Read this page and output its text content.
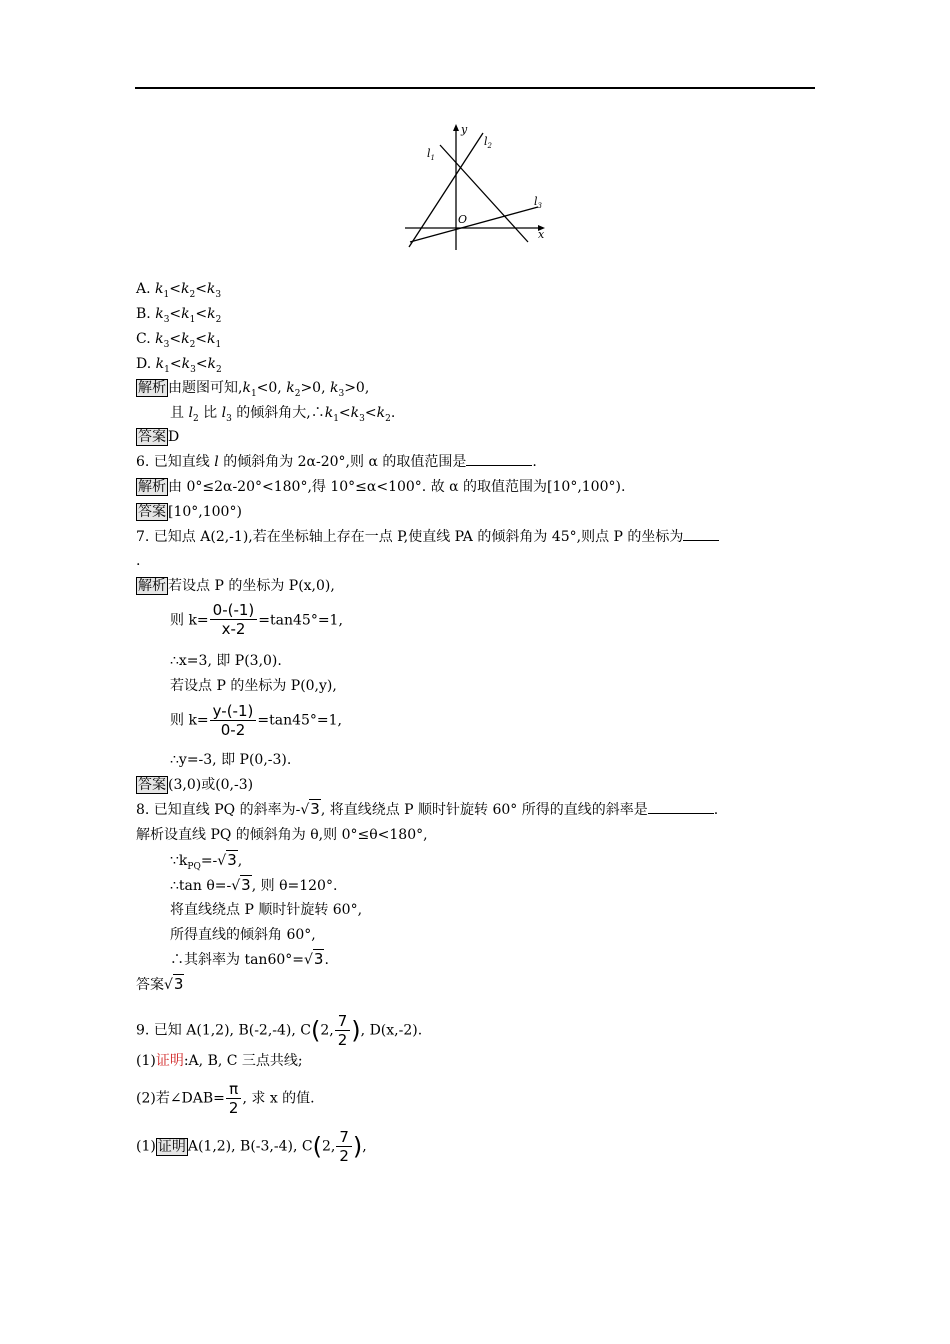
y
x
O
$l_1$
$l_2$
$l_3$
A. $k_1<k_2<k_3$
B. $k_3<k_1<k_2$
C. $k_3<k_2<k_1$
D. $k_1<k_3<k_2$
解析 由题图可知$,k_1<0$, $k_2>0$, $k_3>0$,
且 $l_2$ 比 $l_3$ 的倾斜角大$,\therefore k_1<k_3<k_2$.
答案 D
6. 已知直线 l 的倾斜角为 2α-20°,则 α 的取值范围是	.
解析 由 0°≤2α-20°<180°,得 10°≤α<100°. 故 α 的取值范围为[10°,100°).
答案 [10°,100°)
7. 已知点 A(2,-1),若在坐标轴上存在一点 P,使直线 PA 的倾斜角为 45°,则点 P 的坐标为
.
解析 若设点 P 的坐标为 P(x,0),
则 $k= \frac{0-(-1)}{x-2} =\tan 45^\circ=1$,
∴x=3, 即 P(3,0).
若设点 P 的坐标为 P(0,y),
则 $k= \frac{y-(-1)}{0-2} =\tan 45^\circ=1$,
∴y=-3, 即 P(0,-3).
答案 (3,0)或(0,-3)
8. 已知直线 PQ 的斜率为-√3, 将直线绕点 P 顺时针旋转 60° 所得的直线的斜率是	.
解析设直线 PQ 的倾斜角为 θ,则 0°≤θ<180°,
$\because k_{PQ}=-√3$,
∴tan θ=-√3, 则 θ=120°.
将直线绕点 P 顺时针旋转 60°,
所得直线的倾斜角 60°,
∴其斜率为 tan60°=√3.
答案√3
9. 已知 A(1,2), B(-2,-4), C(2, $\frac{7}{2}$ ), D(x,-2).
(1)证明:A, B, C 三点共线;
(2)若∠DAB= $\frac{\pi}{2}$ , 求 x 的值.
(1) 证明 A(1,2), B(-3,-4), C(2, $\frac{7}{2}$ ),
